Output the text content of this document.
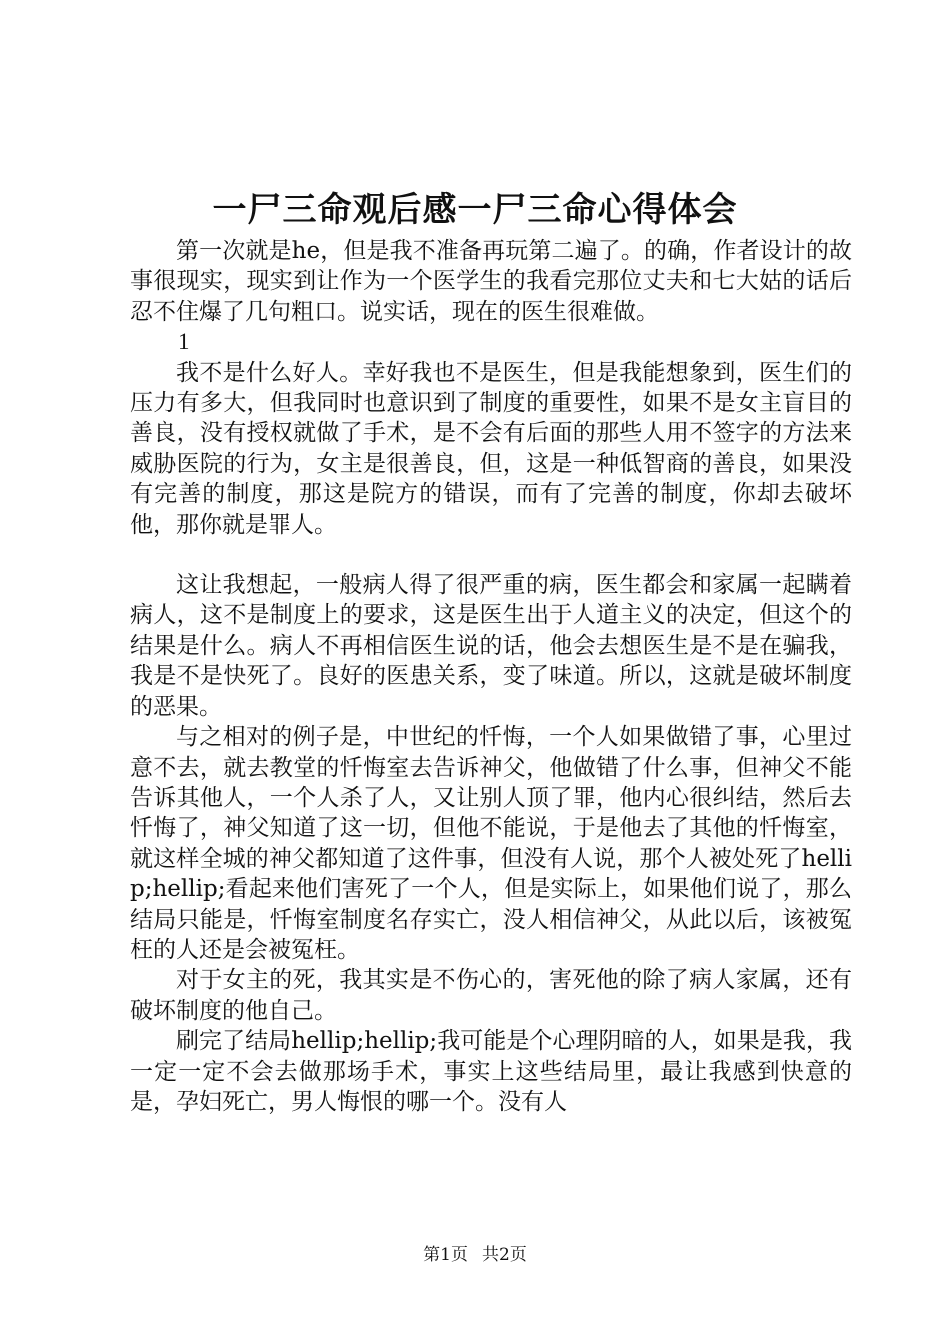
一尸三命观后感一尸三命心得体会

第一次就是he，但是我不准备再玩第二遍了。的确，作者设计的故事很现实，现实到让作为一个医学生的我看完那位丈夫和七大姑的话后忍不住爆了几句粗口。说实话，现在的医生很难做。

1

我不是什么好人。幸好我也不是医生，但是我能想象到，医生们的压力有多大，但我同时也意识到了制度的重要性，如果不是女主盲目的善良，没有授权就做了手术，是不会有后面的那些人用不签字的方法来威胁医院的行为，女主是很善良，但，这是一种低智商的善良，如果没有完善的制度，那这是院方的错误，而有了完善的制度，你却去破坏他，那你就是罪人。

这让我想起，一般病人得了很严重的病，医生都会和家属一起瞒着病人，这不是制度上的要求，这是医生出于人道主义的决定，但这个的结果是什么。病人不再相信医生说的话，他会去想医生是不是在骗我，我是不是快死了。良好的医患关系，变了味道。所以，这就是破坏制度的恶果。

与之相对的例子是，中世纪的忏悔，一个人如果做错了事，心里过意不去，就去教堂的忏悔室去告诉神父，他做错了什么事，但神父不能告诉其他人，一个人杀了人，又让别人顶了罪，他内心很纠结，然后去忏悔了，神父知道了这一切，但他不能说，于是他去了其他的忏悔室，就这样全城的神父都知道了这件事，但没有人说，那个人被处死了hellip;hellip;看起来他们害死了一个人，但是实际上，如果他们说了，那么结局只能是，忏悔室制度名存实亡，没人相信神父，从此以后，该被冤枉的人还是会被冤枉。

对于女主的死，我其实是不伤心的，害死他的除了病人家属，还有破坏制度的他自己。

刷完了结局hellip;hellip;我可能是个心理阴暗的人，如果是我，我一定一定不会去做那场手术，事实上这些结局里，最让我感到快意的是，孕妇死亡，男人悔恨的哪一个。没有人

第1页 共2页
